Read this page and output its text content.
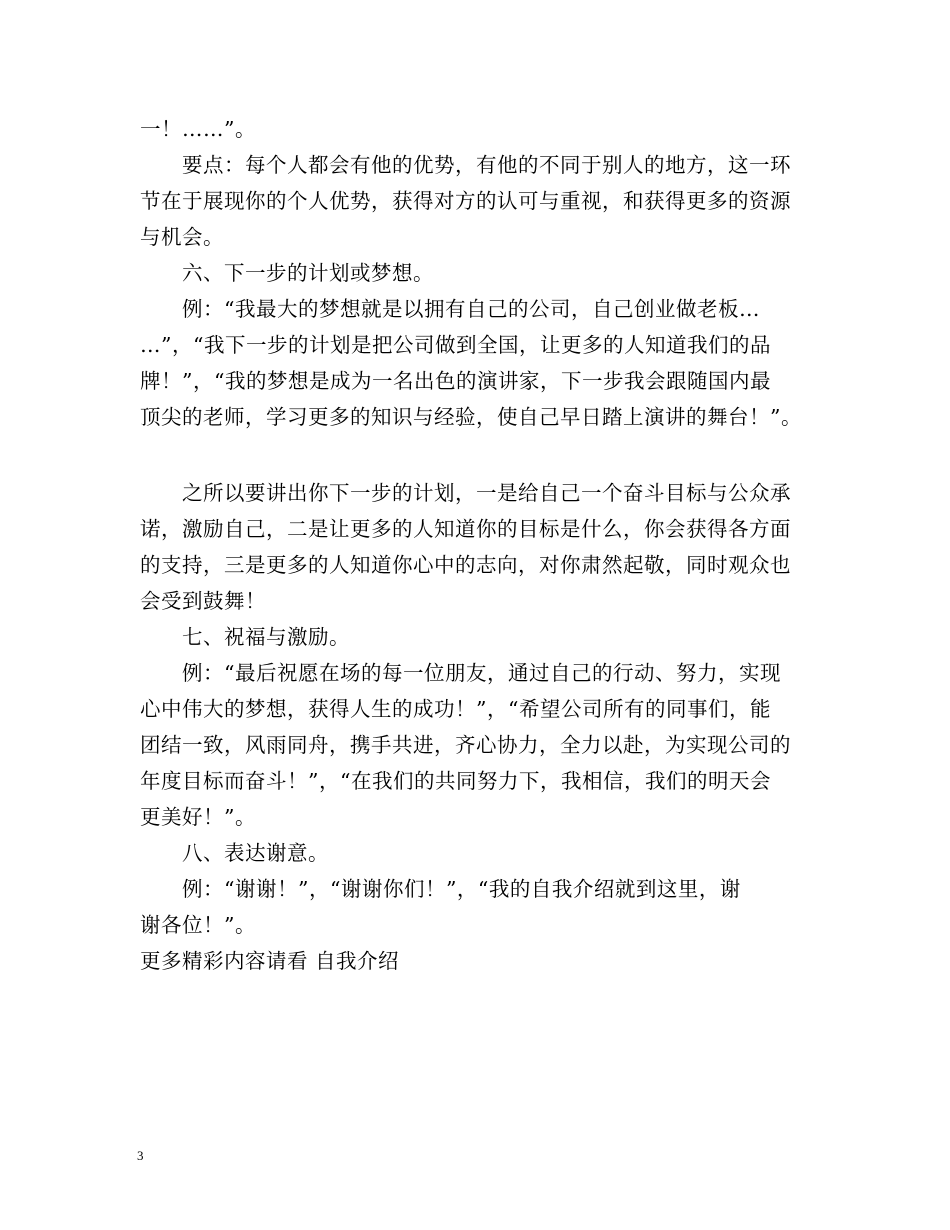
一！……”。
要点：每个人都会有他的优势，有他的不同于别人的地方，这一环
节在于展现你的个人优势，获得对方的认可与重视，和获得更多的资源
与机会。
六、下一步的计划或梦想。
例：“我最大的梦想就是以拥有自己的公司，自己创业做老板…
…”，“我下一步的计划是把公司做到全国，让更多的人知道我们的品
牌！”，“我的梦想是成为一名出色的演讲家，下一步我会跟随国内最
顶尖的老师，学习更多的知识与经验，使自己早日踏上演讲的舞台！”。
之所以要讲出你下一步的计划，一是给自己一个奋斗目标与公众承
诺，激励自己，二是让更多的人知道你的目标是什么，你会获得各方面
的支持，三是更多的人知道你心中的志向，对你肃然起敬，同时观众也
会受到鼓舞！
七、祝福与激励。
例：“最后祝愿在场的每一位朋友，通过自己的行动、努力，实现
心中伟大的梦想，获得人生的成功！”，“希望公司所有的同事们，能
团结一致，风雨同舟，携手共进，齐心协力，全力以赴，为实现公司的
年度目标而奋斗！”，“在我们的共同努力下，我相信，我们的明天会
更美好！”。
八、表达谢意。
例：“谢谢！”，“谢谢你们！”，“我的自我介绍就到这里，谢
谢各位！”。
更多精彩内容请看 自我介绍
3
